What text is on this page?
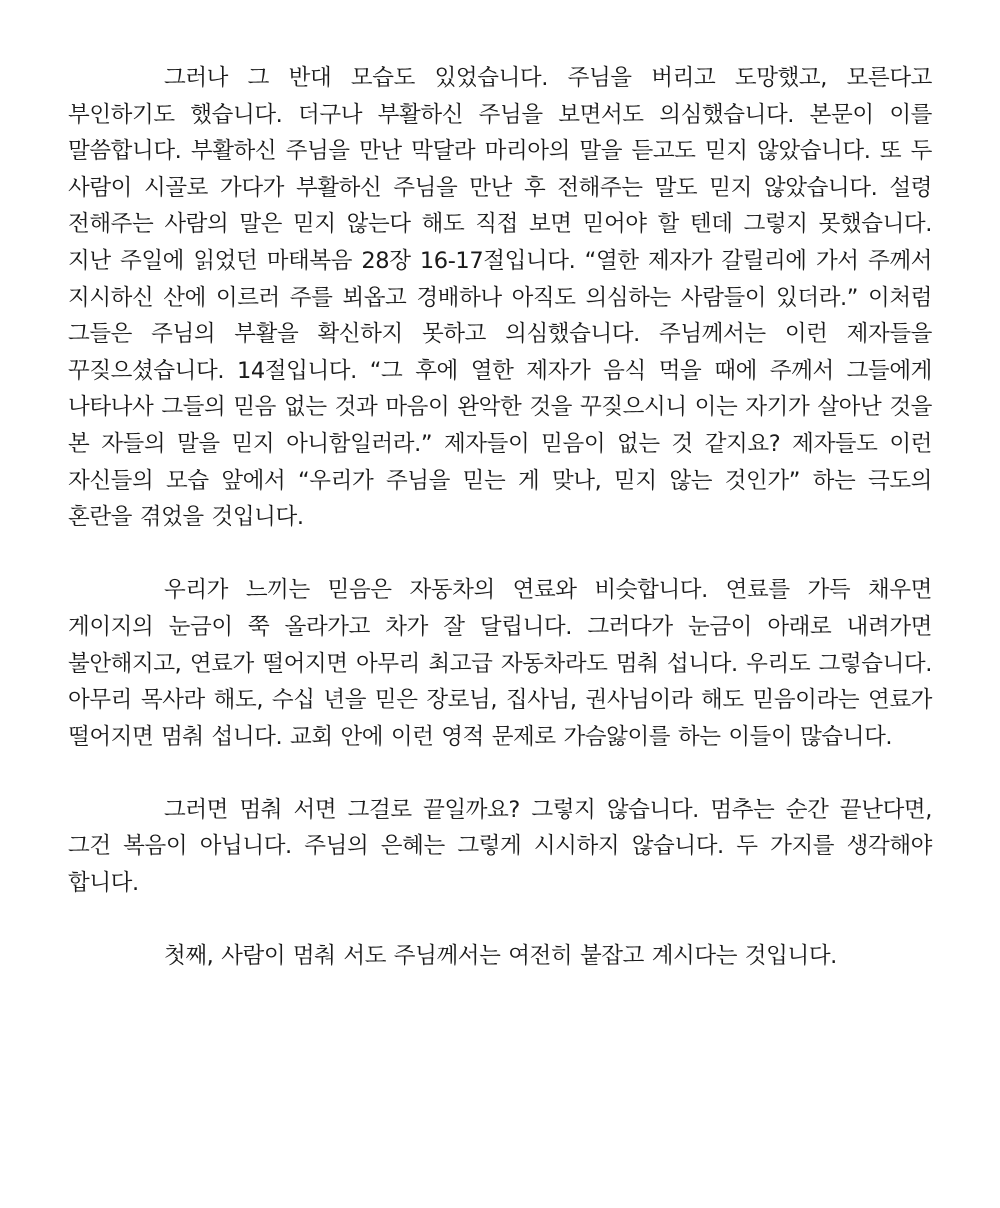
그러나 그 반대 모습도 있었습니다. 주님을 버리고 도망했고, 모른다고 부인하기도 했습니다. 더구나 부활하신 주님을 보면서도 의심했습니다. 본문이 이를 말씀합니다. 부활하신 주님을 만난 막달라 마리아의 말을 듣고도 믿지 않았습니다. 또 두 사람이 시골로 가다가 부활하신 주님을 만난 후 전해주는 말도 믿지 않았습니다. 설령 전해주는 사람의 말은 믿지 않는다 해도 직접 보면 믿어야 할 텐데 그렇지 못했습니다. 지난 주일에 읽었던 마태복음 28장 16-17절입니다. “열한 제자가 갈릴리에 가서 주께서 지시하신 산에 이르러 주를 뵈옵고 경배하나 아직도 의심하는 사람들이 있더라.” 이처럼 그들은 주님의 부활을 확신하지 못하고 의심했습니다. 주님께서는 이런 제자들을 꾸짖으셨습니다. 14절입니다. “그 후에 열한 제자가 음식 먹을 때에 주께서 그들에게 나타나사 그들의 믿음 없는 것과 마음이 완악한 것을 꾸짖으시니 이는 자기가 살아난 것을 본 자들의 말을 믿지 아니함일러라.” 제자들이 믿음이 없는 것 같지요? 제자들도 이런 자신들의 모습 앞에서 “우리가 주님을 믿는 게 맞나, 믿지 않는 것인가” 하는 극도의 혼란을 겪었을 것입니다.

우리가 느끼는 믿음은 자동차의 연료와 비슷합니다. 연료를 가득 채우면 게이지의 눈금이 쭉 올라가고 차가 잘 달립니다. 그러다가 눈금이 아래로 내려가면 불안해지고, 연료가 떨어지면 아무리 최고급 자동차라도 멈춰 섭니다. 우리도 그렇습니다. 아무리 목사라 해도, 수십 년을 믿은 장로님, 집사님, 권사님이라 해도 믿음이라는 연료가 떨어지면 멈춰 섭니다. 교회 안에 이런 영적 문제로 가슴앓이를 하는 이들이 많습니다.

그러면 멈춰 서면 그걸로 끝일까요? 그렇지 않습니다. 멈추는 순간 끝난다면, 그건 복음이 아닙니다. 주님의 은혜는 그렇게 시시하지 않습니다. 두 가지를 생각해야 합니다.

첫째, 사람이 멈춰 서도 주님께서는 여전히 붙잡고 계시다는 것입니다.
